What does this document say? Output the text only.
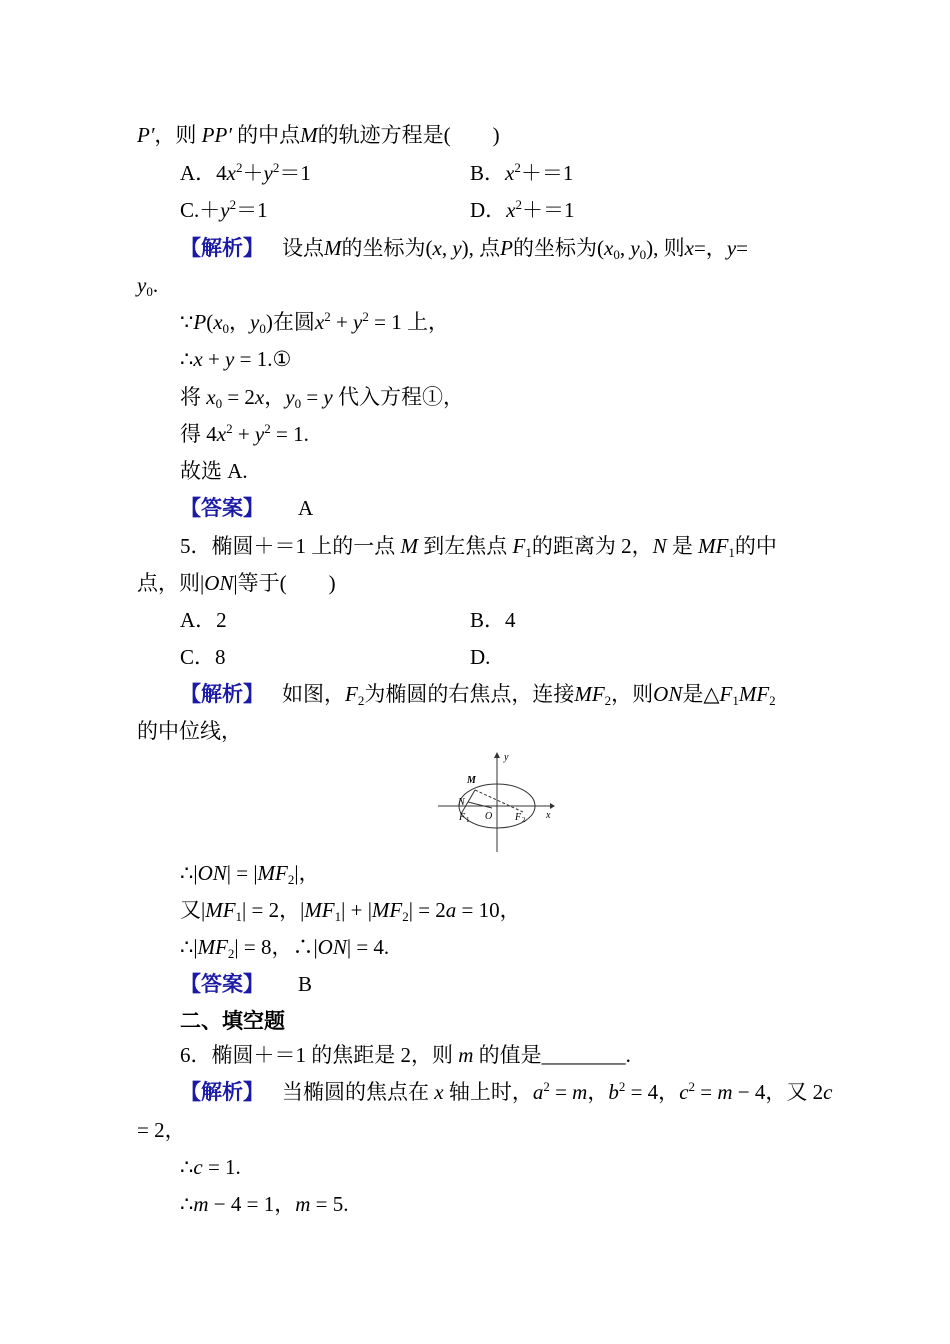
P′，则 PP′ 的中点M的轨迹方程是(　　)
A．$4x^2+y^2=1$	B．$x^2+=1$
$C.+y^2=1$	D．$x^2+=1$
【解析】 设点M的坐标为(x, y), 点P的坐标为($x_0$, $y_0$), 则x=，y=
$y_0$.
$\because P(x_0$，$y_0$)在圆$x^2 + y^2 = 1$ 上，
∴x + y = 1.①
将 $x_0 = 2x$，$y_0 = y$ 代入方程①，
得 $4x^2 + y^2 = 1$.
故选 A.
【答案】 A
5．椭圆＋＝1 上的一点 M 到左焦点 $F_1$的距离为 2，N 是 $MF_1$的中
点，则|ON|等于(　　)
A．2	B．4
C．8	D.
【解析】 如图，$F_2$为椭圆的右焦点，连接$MF_2$，则ON是$\triangle F_1MF_2$
的中位线，
y
x
M
N
O
F 1	F 2
∴|ON| = $|MF_2|$，
又$|MF_1| = 2$，$|MF_1| + |MF_2| = 2a = 10$，
$\therefore|MF_2| = 8$，∴|ON| = 4.
【答案】 B
二、填空题
6．椭圆＋＝1 的焦距是 2，则 m 的值是________.
【解析】 当椭圆的焦点在 x 轴上时，$a^2 = m$，$b^2 = 4$，$c^2 = m - 4$，又 2c
= 2，
∴c = 1.
∴m − 4 = 1，m = 5.
